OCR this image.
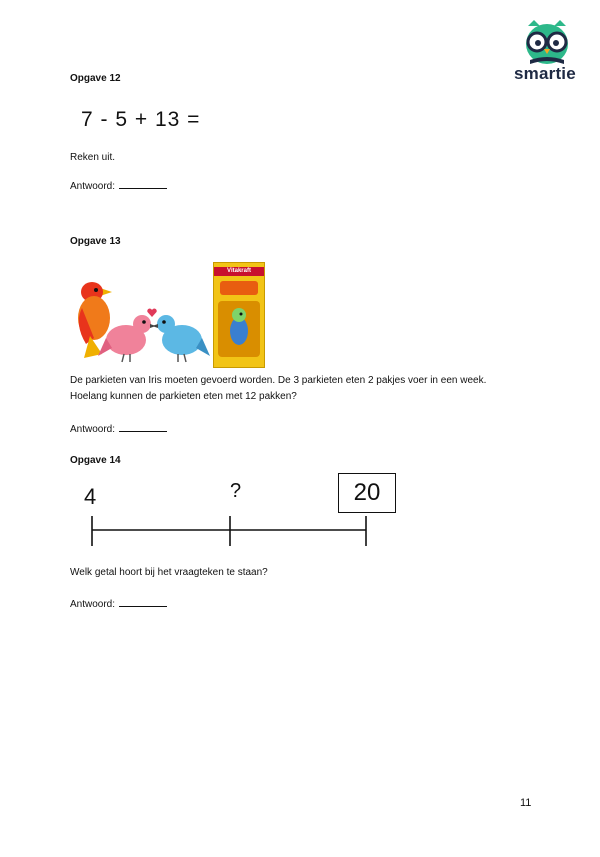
smartie
Opgave 12
7 - 5 + 13 =
Reken uit.
Antwoord:
Opgave 13
Vitakraft
De parkieten van Iris moeten gevoerd worden. De 3 parkieten eten 2 pakjes voer in een week.
Hoelang kunnen de parkieten eten met 12 pakken?
Antwoord:
Opgave 14
4	?	20
Welk getal hoort bij het vraagteken te staan?
Antwoord:
11
